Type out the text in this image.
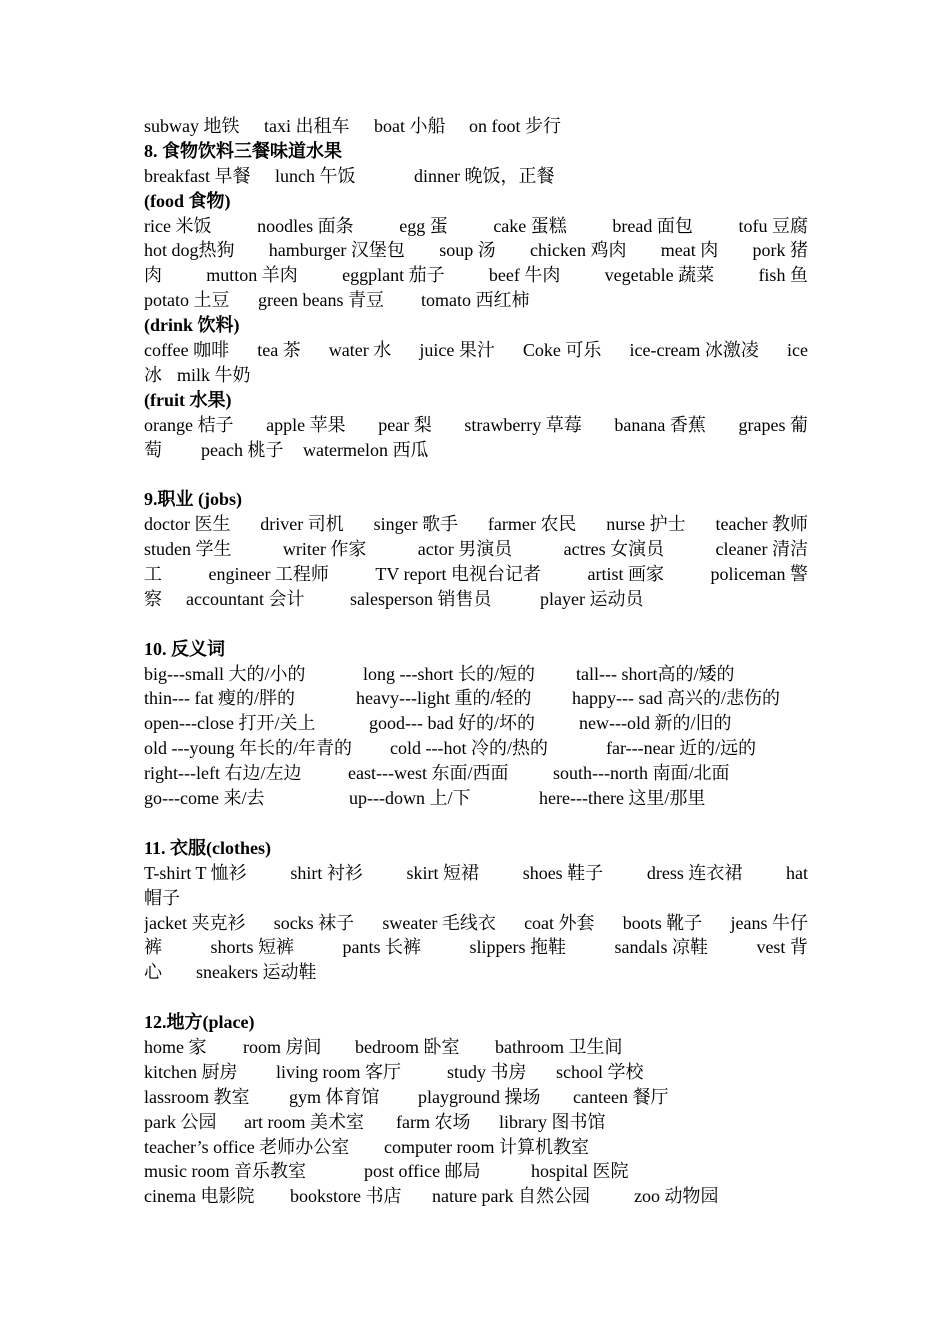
subway 地铁 taxi 出租车 boat 小船 on foot 步行
8. 食物饮料三餐味道水果
breakfast 早餐 lunch 午饭	dinner 晚饭，正餐
(food 食物)
rice 米饭	noodles 面条	egg 蛋	cake 蛋糕	bread 面包	tofu 豆腐
hot dog热狗 hamburger 汉堡包 soup 汤 chicken 鸡肉 meat 肉 pork 猪
肉 mutton 羊肉 eggplant 茄子 beef 牛肉 vegetable 蔬菜 fish 鱼
potato 土豆 green beans 青豆 tomato 西红柿
(drink 饮料)
coffee 咖啡 tea 茶 water 水 juice 果汁 Coke 可乐 ice-cream 冰激凌 ice
冰 milk 牛奶
(fruit 水果)
orange 桔子 apple 苹果 pear 梨 strawberry 草莓 banana 香蕉 grapes 葡
萄 peach 桃子 watermelon 西瓜
9.职业 (jobs)
doctor 医生 driver 司机 singer 歌手 farmer 农民 nurse 护士 teacher 教师
studen 学生	writer 作家	actor 男演员	actres 女演员	cleaner 清洁
工	engineer 工程师	TV report 电视台记者	artist 画家	policeman 警
察 accountant 会计	salesperson 销售员	player 运动员
10. 反义词
big---small 大的/小的	long ---short 长的/短的 tall--- short高的/矮的
thin--- fat 瘦的/胖的	heavy---light 重的/轻的 happy--- sad 高兴的/悲伤的
open---close 打开/关上	good--- bad 好的/坏的 new---old 新的/旧的
old ---young 年长的/年青的 cold ---hot 冷的/热的	far---near 近的/远的
right---left 右边/左边	east---west 东面/西面 south---north 南面/北面
go---come 来/去	up---down 上/下	here---there 这里/那里
11. 衣服(clothes)
T-shirt T 恤衫 shirt 衬衫 skirt 短裙 shoes 鞋子 dress 连衣裙 hat
帽子
jacket 夹克衫 socks 袜子 sweater 毛线衣 coat 外套 boots 靴子 jeans 牛仔
裤	shorts 短裤	pants 长裤	slippers 拖鞋	sandals 凉鞋	vest 背
心 sneakers 运动鞋
12.地方(place)
home 家 room 房间 bedroom 卧室 bathroom 卫生间
kitchen 厨房 living room 客厅	study 书房 school 学校
lassroom 教室 gym 体育馆 playground 操场 canteen 餐厅
park 公园 art room 美术室 farm 农场 library 图书馆
teacher’s office 老师办公室 computer room 计算机教室
music room 音乐教室	post office 邮局	hospital 医院
cinema 电影院 bookstore 书店 nature park 自然公园 zoo 动物园
